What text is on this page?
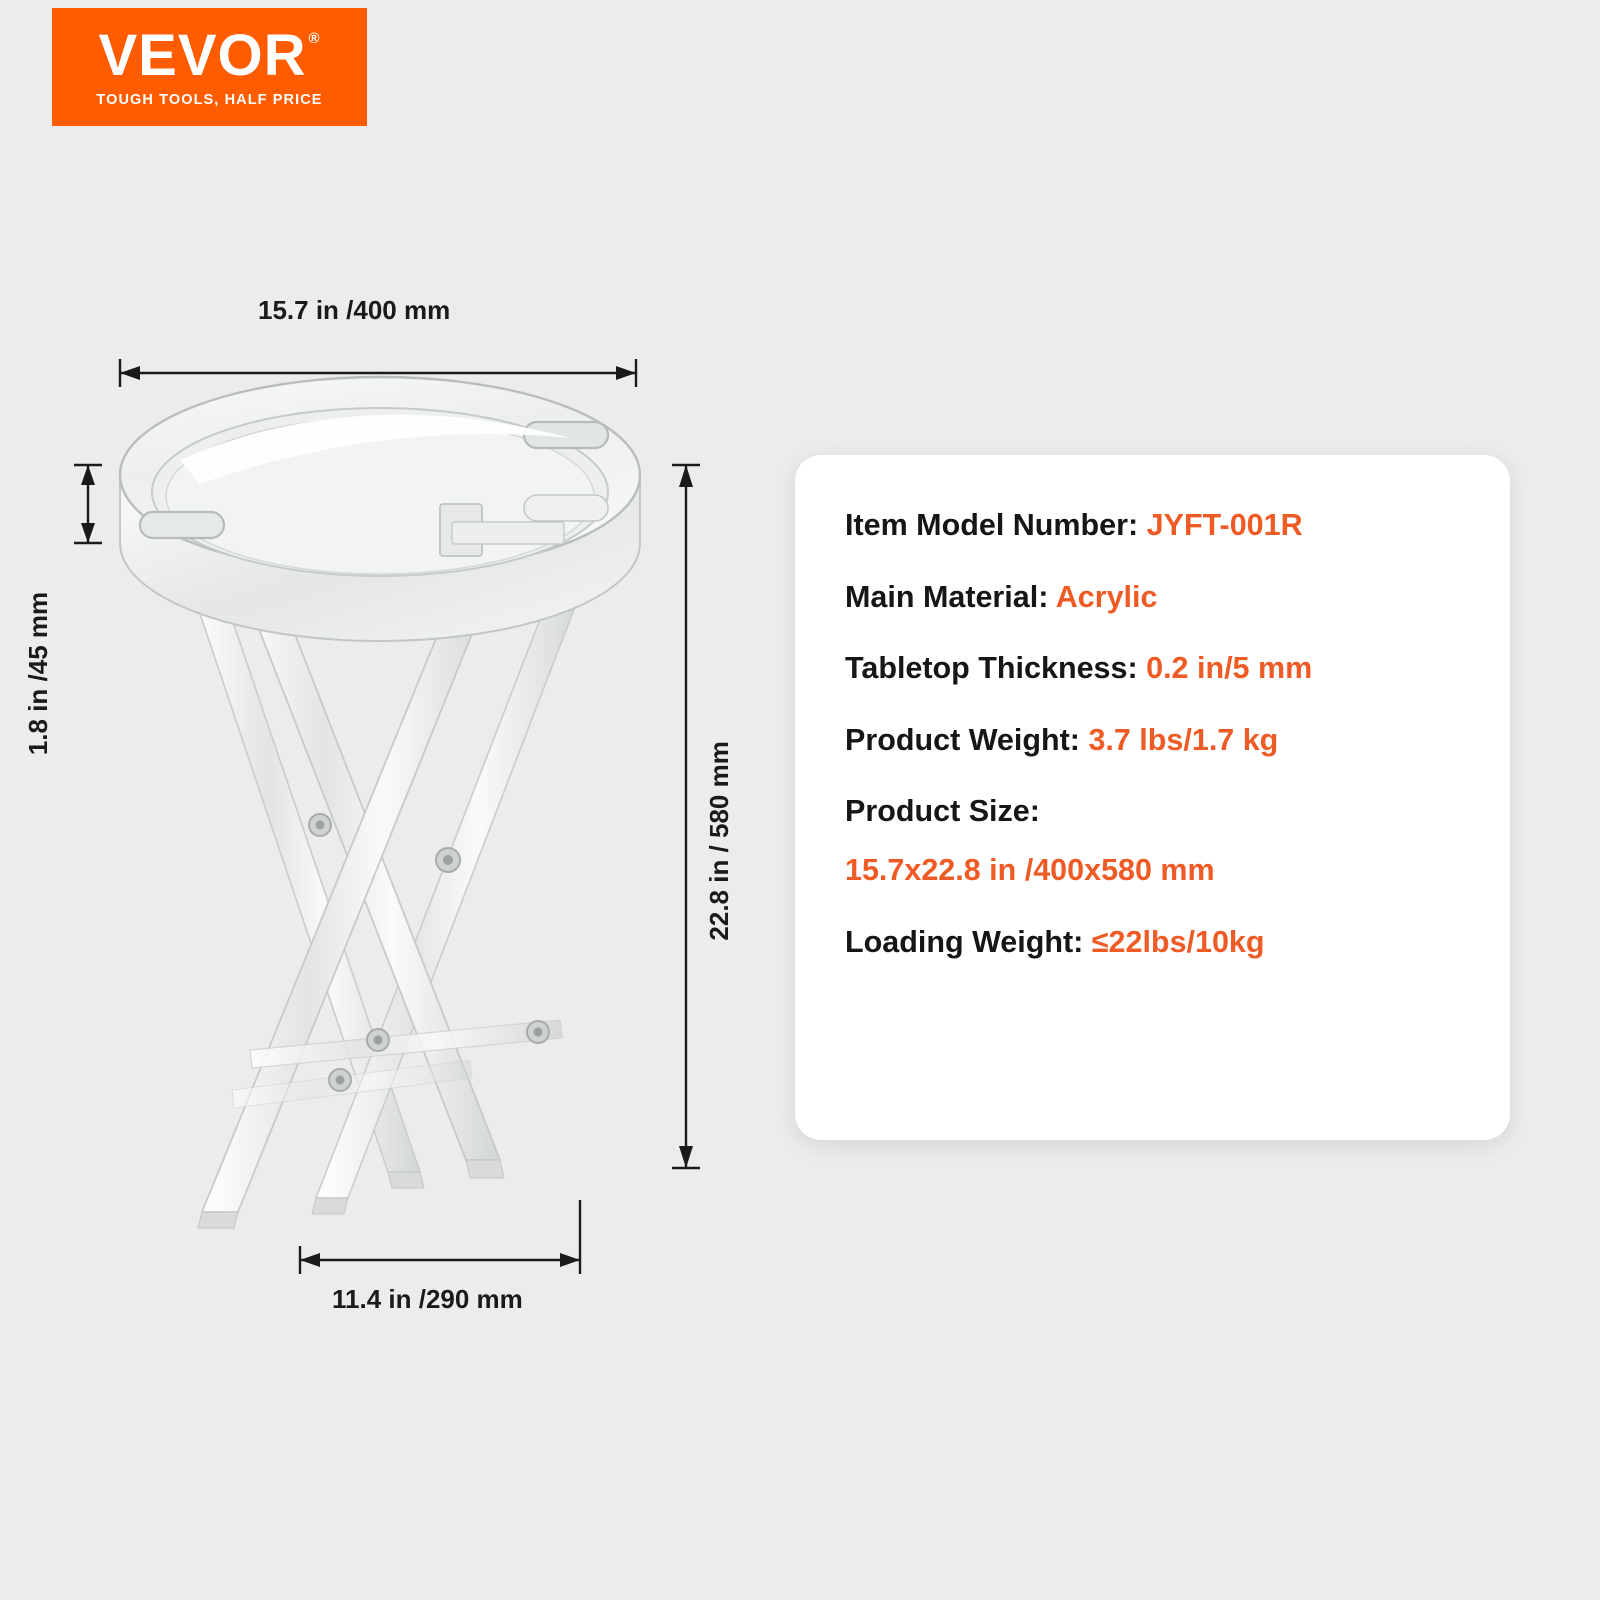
VEVOR ®
TOUGH TOOLS, HALF PRICE
15.7 in /400 mm
1.8 in /45 mm
22.8 in / 580 mm
11.4 in /290 mm
Item Model Number: JYFT-001R
Main Material: Acrylic
Tabletop Thickness: 0.2 in/5 mm
Product Weight: 3.7 lbs/1.7 kg
Product Size:
15.7x22.8 in /400x580 mm
Loading Weight: ≤22lbs/10kg
